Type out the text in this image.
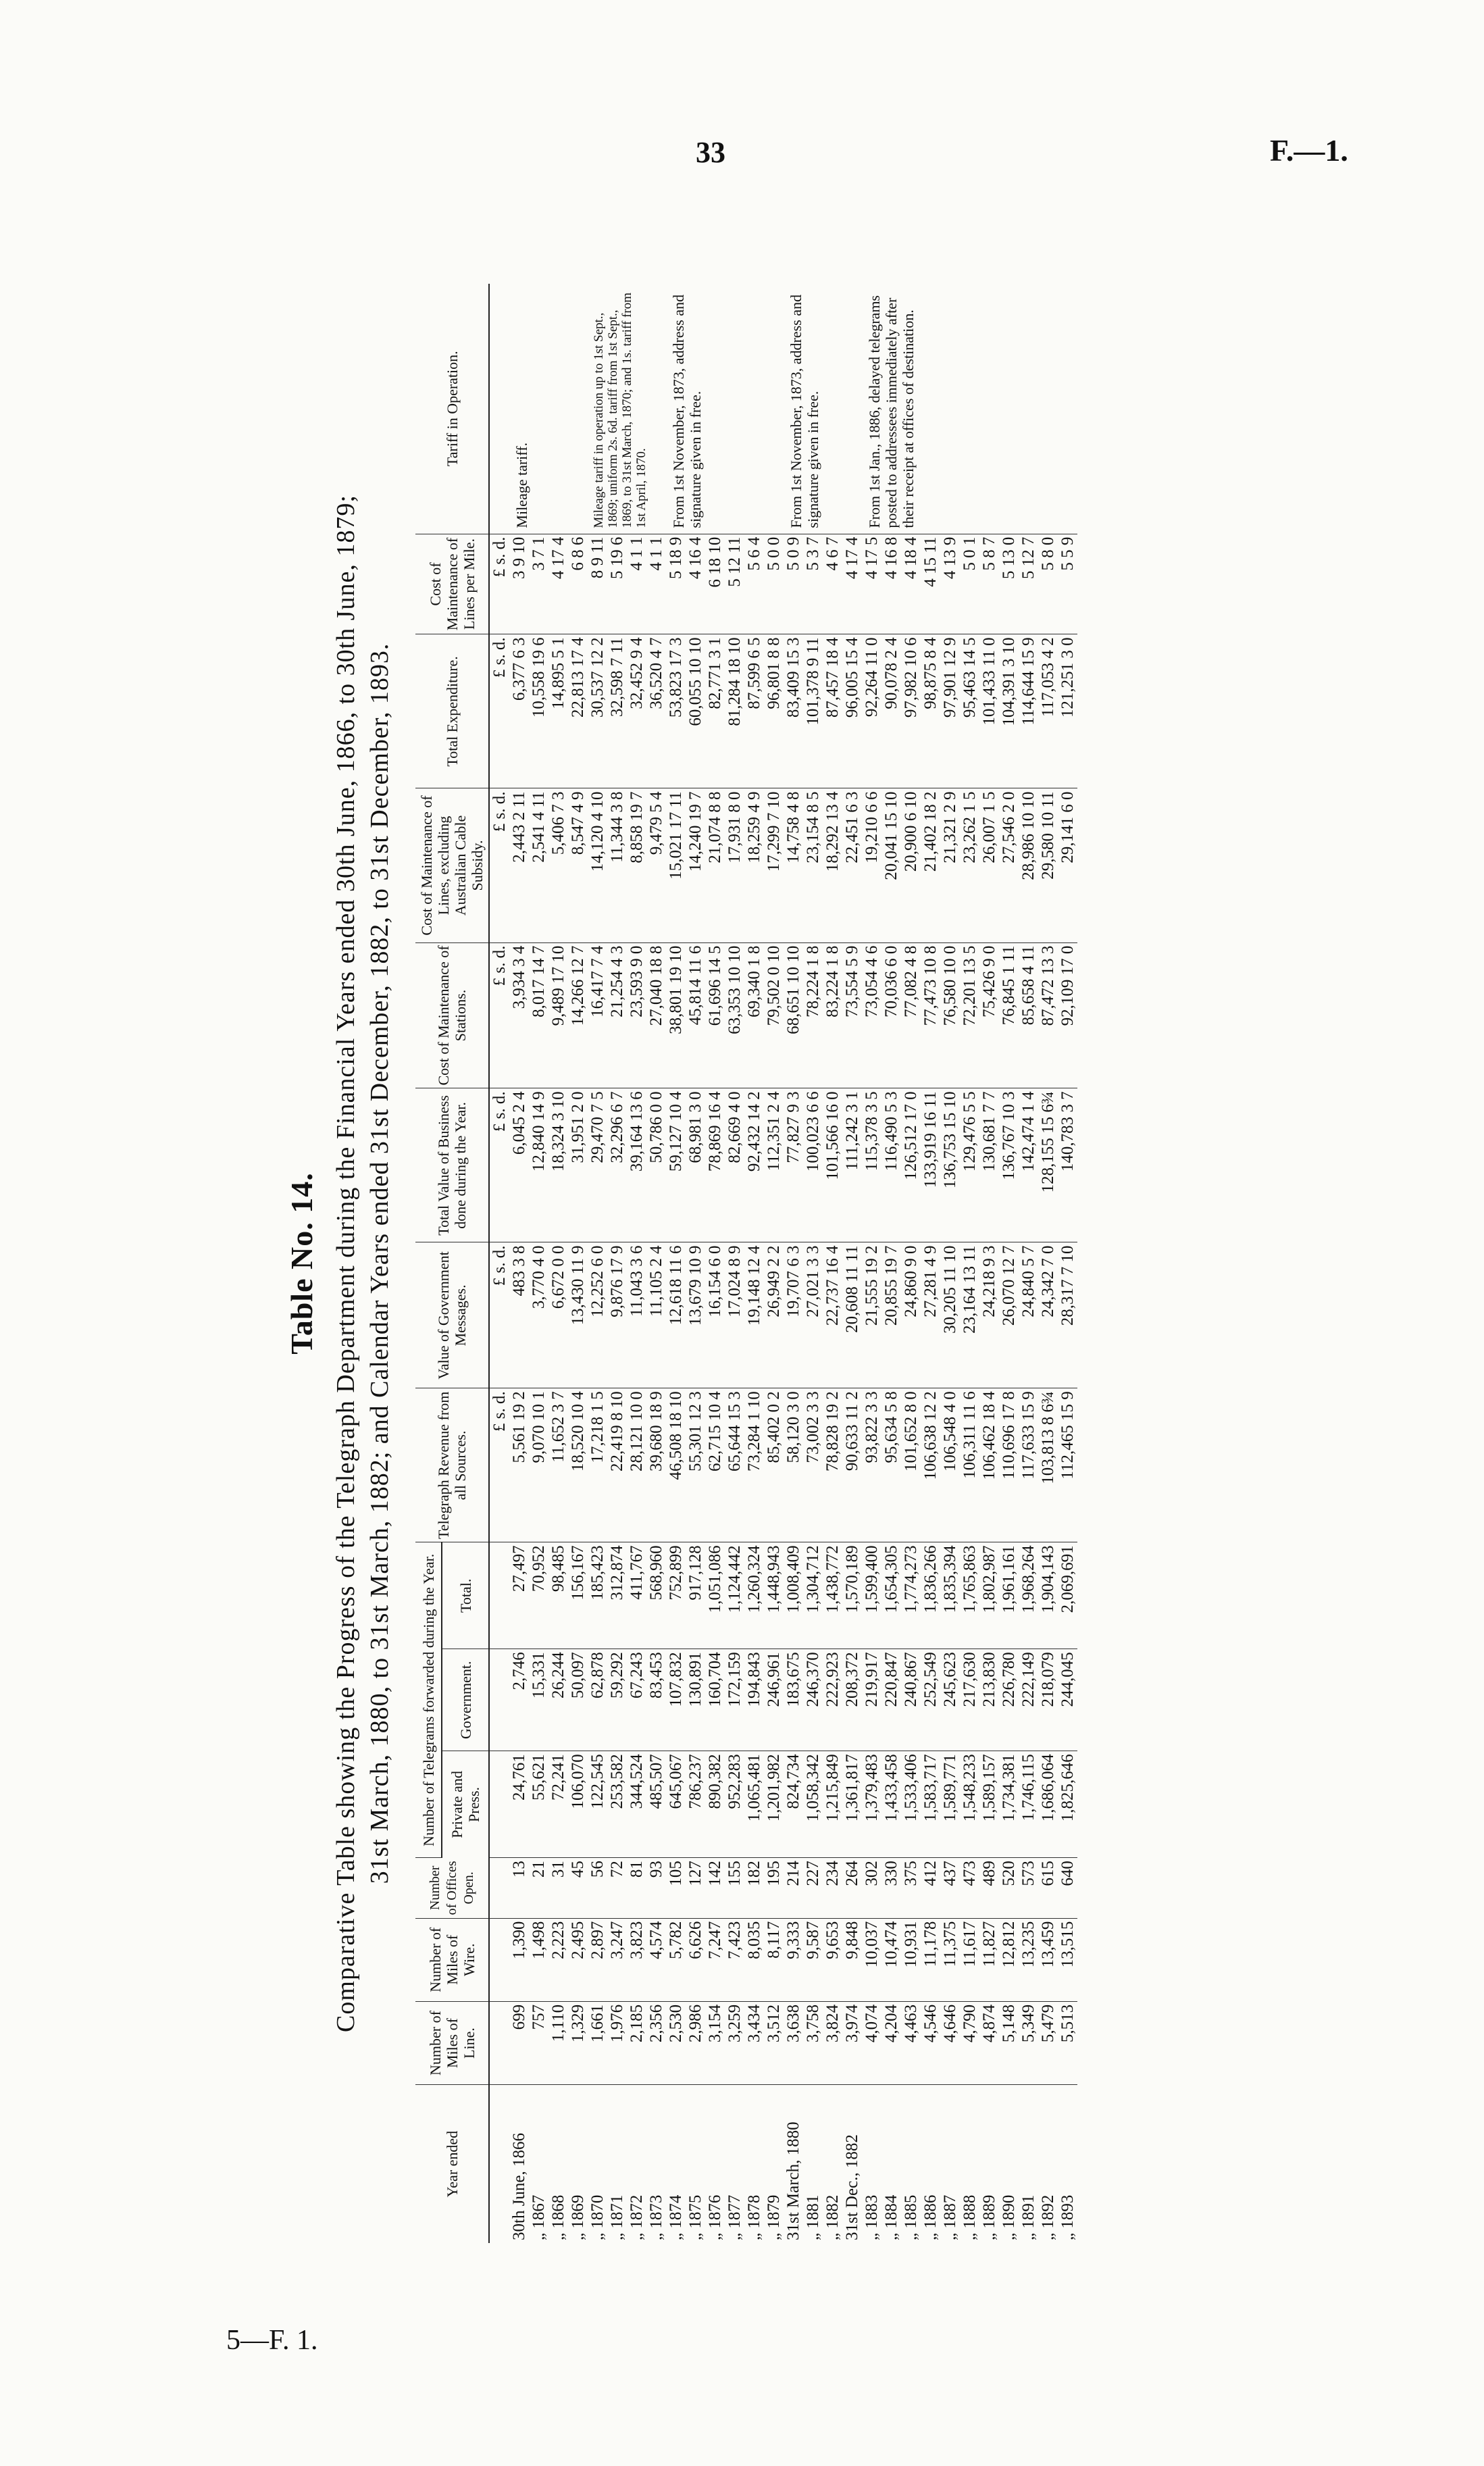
33	F.—1.
5—F. 1.
Table No. 14. Comparative Table showing the Progress of the Telegraph Department during the Financial Years ended 30th June, 1866, to 30th June, 1879; 31st March, 1880, to 31st March, 1882; and Calendar Years ended 31st December, 1882, to 31st December, 1893.
Year ended	Number of Miles of Line.	Number of Miles of Wire.	Number of Offices Open.	Number of Telegrams forwarded during the Year.			Telegraph Revenue from all Sources.	Value of Government Messages.	Total Value of Business done during the Year.	Cost of Maintenance of Stations.	Cost of Maintenance of Lines, excluding Australian Cable Subsidy.	Total Expenditure.	Cost of Maintenance of Lines per Mile.	Tariff in Operation.
				Private and Press.	Government.	Total.								
							£ s. d.	£ s. d.	£ s. d.	£ s. d.	£ s. d.	£ s. d.	£ s. d.	
30th June, 1866	699	1,390	13	24,761	2,746	27,497	5,561 19 2	483 3 8	6,045 2 4	3,934 3 4	2,443 2 11	6,377 6 3	3 9 10	Mileage tariff.

„ 1867	757	1,498	21	55,621	15,331	70,952	9,070 10 1	3,770 4 0	12,840 14 9	8,017 14 7	2,541 4 11	10,558 19 6	3 7 1	
„ 1868	1,110	2,223	31	72,241	26,244	98,485	11,652 3 7	6,672 0 0	18,324 3 10	9,489 17 10	5,406 7 3	14,895 5 1	4 17 4	
„ 1869	1,329	2,495	45	106,070	50,097	156,167	18,520 10 4	13,430 11 9	31,951 2 0	14,266 12 7	8,547 4 9	22,813 17 4	6 8 6	
„ 1870	1,661	2,897	56	122,545	62,878	185,423	17,218 1 5	12,252 6 0	29,470 7 5	16,417 7 4	14,120 4 10	30,537 12 2	8 9 11	Mileage tariff in operation up to 1st Sept., 1869; uniform 2s. 6d. tariff from 1st Sept., 1869, to 31st March, 1870; and 1s. tariff from 1st April, 1870.

„ 1871	1,976	3,247	72	253,582	59,292	312,874	22,419 8 10	9,876 17 9	32,296 6 7	21,254 4 3	11,344 3 8	32,598 7 11	5 19 6	
„ 1872	2,185	3,823	81	344,524	67,243	411,767	28,121 10 0	11,043 3 6	39,164 13 6	23,593 9 0	8,858 19 7	32,452 9 4	4 1 1	
„ 1873	2,356	4,574	93	485,507	83,453	568,960	39,680 18 9	11,105 2 4	50,786 0 0	27,040 18 8	9,479 5 4	36,520 4 7	4 1 1	
„ 1874	2,530	5,782	105	645,067	107,832	752,899	46,508 18 10	12,618 11 6	59,127 10 4	38,801 19 10	15,021 17 11	53,823 17 3	5 18 9	From 1st November, 1873, address and signature given in free.

„ 1875	2,986	6,626	127	786,237	130,891	917,128	55,301 12 3	13,679 10 9	68,981 3 0	45,814 11 6	14,240 19 7	60,055 10 10	4 16 4	
„ 1876	3,154	7,247	142	890,382	160,704	1,051,086	62,715 10 4	16,154 6 0	78,869 16 4	61,696 14 5	21,074 8 8	82,771 3 1	6 18 10	
„ 1877	3,259	7,423	155	952,283	172,159	1,124,442	65,644 15 3	17,024 8 9	82,669 4 0	63,353 10 10	17,931 8 0	81,284 18 10	5 12 11	
„ 1878	3,434	8,035	182	1,065,481	194,843	1,260,324	73,284 1 10	19,148 12 4	92,432 14 2	69,340 1 8	18,259 4 9	87,599 6 5	5 6 4	
„ 1879	3,512	8,117	195	1,201,982	246,961	1,448,943	85,402 0 2	26,949 2 2	112,351 2 4	79,502 0 10	17,299 7 10	96,801 8 8	5 0 0	
31st March, 1880	3,638	9,333	214	824,734	183,675	1,008,409	58,120 3 0	19,707 6 3	77,827 9 3	68,651 10 10	14,758 4 8	83,409 15 3	5 0 9	From 1st November, 1873, address and signature given in free.

„ 1881	3,758	9,587	227	1,058,342	246,370	1,304,712	73,002 3 3	27,021 3 3	100,023 6 6	78,224 1 8	23,154 8 5	101,378 9 11	5 3 7	
„ 1882	3,824	9,653	234	1,215,849	222,923	1,438,772	78,828 19 2	22,737 16 4	101,566 16 0	83,224 1 8	18,292 13 4	87,457 18 4	4 6 7	
31st Dec., 1882	3,974	9,848	264	1,361,817	208,372	1,570,189	90,633 11 2	20,608 11 11	111,242 3 1	73,554 5 9	22,451 6 3	96,005 15 4	4 17 4	
„ 1883	4,074	10,037	302	1,379,483	219,917	1,599,400	93,822 3 3	21,555 19 2	115,378 3 5	73,054 4 6	19,210 6 6	92,264 11 0	4 17 5	From 1st Jan., 1886, delayed telegrams posted to addressees immediately after their receipt at offices of destination.

„ 1884	4,204	10,474	330	1,433,458	220,847	1,654,305	95,634 5 8	20,855 19 7	116,490 5 3	70,036 6 0	20,041 15 10	90,078 2 4	4 16 8	
„ 1885	4,463	10,931	375	1,533,406	240,867	1,774,273	101,652 8 0	24,860 9 0	126,512 17 0	77,082 4 8	20,900 6 10	97,982 10 6	4 18 4	
„ 1886	4,546	11,178	412	1,583,717	252,549	1,836,266	106,638 12 2	27,281 4 9	133,919 16 11	77,473 10 8	21,402 18 2	98,875 8 4	4 15 11	
„ 1887	4,646	11,375	437	1,589,771	245,623	1,835,394	106,548 4 0	30,205 11 10	136,753 15 10	76,580 10 0	21,321 2 9	97,901 12 9	4 13 9	
„ 1888	4,790	11,617	473	1,548,233	217,630	1,765,863	106,311 11 6	23,164 13 11	129,476 5 5	72,201 13 5	23,262 1 5	95,463 14 5	5 0 1	
„ 1889	4,874	11,827	489	1,589,157	213,830	1,802,987	106,462 18 4	24,218 9 3	130,681 7 7	75,426 9 0	26,007 1 5	101,433 11 0	5 8 7	
„ 1890	5,148	12,812	520	1,734,381	226,780	1,961,161	110,696 17 8	26,070 12 7	136,767 10 3	76,845 1 11	27,546 2 0	104,391 3 10	5 13 0	
„ 1891	5,349	13,235	573	1,746,115	222,149	1,968,264	117,633 15 9	24,840 5 7	142,474 1 4	85,658 4 11	28,986 10 10	114,644 15 9	5 12 7	
„ 1892	5,479	13,459	615	1,686,064	218,079	1,904,143	103,813 8 6¾	24,342 7 0	128,155 15 6¾	87,472 13 3	29,580 10 11	117,053 4 2	5 8 0	
„ 1893	5,513	13,515	640	1,825,646	244,045	2,069,691	112,465 15 9	28,317 7 10	140,783 3 7	92,109 17 0	29,141 6 0	121,251 3 0	5 5 9	
